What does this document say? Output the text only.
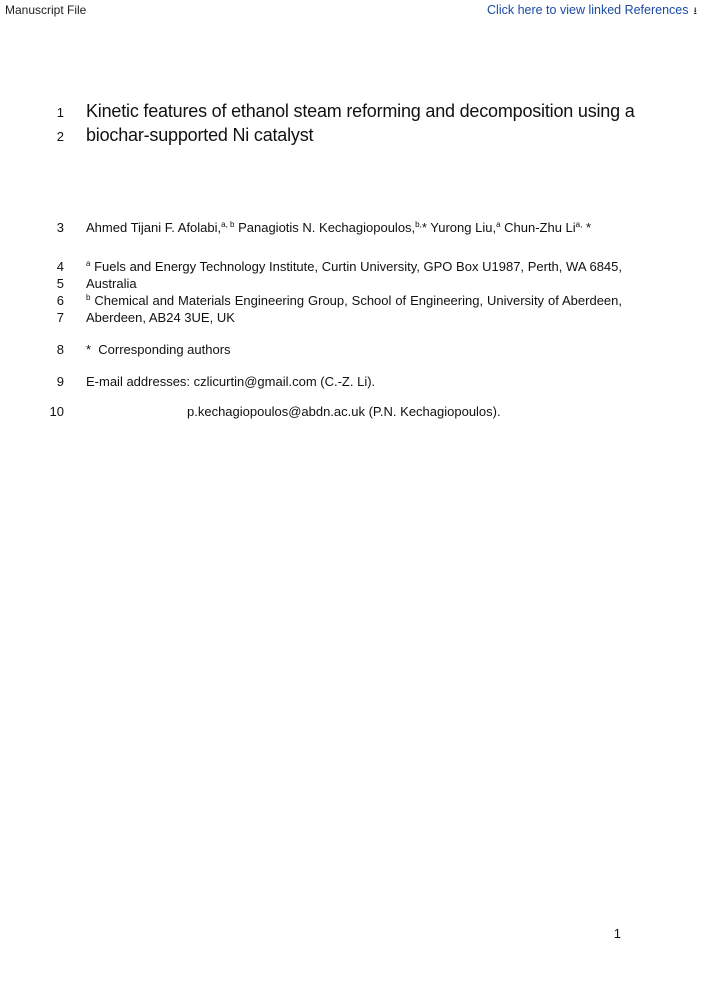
Manuscript File	Click here to view linked References ⭳
1
2
3
4
5
6
7
8
9
10
Kinetic features of ethanol steam reforming and decomposition using a
biochar-supported Ni catalyst
Ahmed Tijani F. Afolabi,$^{a, b}$ Panagiotis N. Kechagiopoulos,$^{b,}$* Yurong Liu,$^a$ Chun-Zhu $Li^{a,}$ *
$^a$ Fuels and Energy Technology Institute, Curtin University, GPO Box U1987, Perth, WA 6845,
Australia
$^b$ Chemical and Materials Engineering Group, School of Engineering, University of Aberdeen,
Aberdeen, AB24 3UE, UK
*  Corresponding authors
E-mail addresses: czlicurtin@gmail.com (C.-Z. Li).
p.kechagiopoulos@abdn.ac.uk (P.N. Kechagiopoulos).
1
